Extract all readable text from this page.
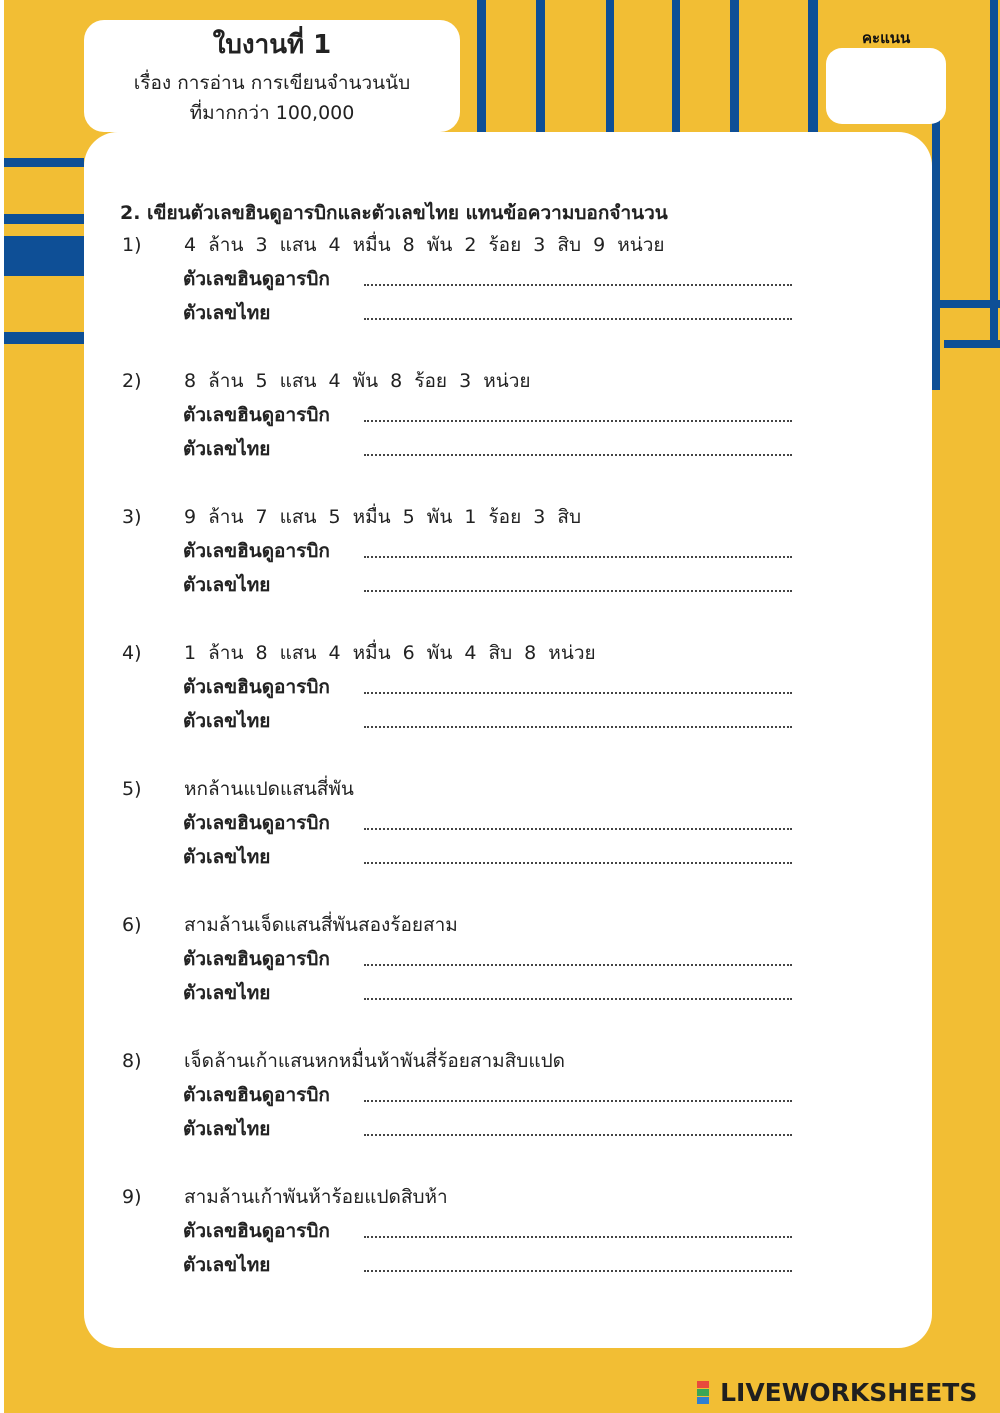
ใบงานที่ 1
เรื่อง การอ่าน การเขียนจำนวนนับ
ที่มากกว่า 100,000
คะแนน
2. เขียนตัวเลขฮินดูอารบิกและตัวเลขไทย แทนข้อความบอกจำนวน
1) 4 ล้าน 3 แสน 4 หมื่น 8 พัน 2 ร้อย 3 สิบ 9 หน่วย
ตัวเลขฮินดูอารบิก
ตัวเลขไทย
2) 8 ล้าน 5 แสน 4 พัน 8 ร้อย 3 หน่วย
ตัวเลขฮินดูอารบิก
ตัวเลขไทย
3) 9 ล้าน 7 แสน 5 หมื่น 5 พัน 1 ร้อย 3 สิบ
ตัวเลขฮินดูอารบิก
ตัวเลขไทย
4) 1 ล้าน 8 แสน 4 หมื่น 6 พัน 4 สิบ 8 หน่วย
ตัวเลขฮินดูอารบิก
ตัวเลขไทย
5) หกล้านแปดแสนสี่พัน
ตัวเลขฮินดูอารบิก
ตัวเลขไทย
6) สามล้านเจ็ดแสนสี่พันสองร้อยสาม
ตัวเลขฮินดูอารบิก
ตัวเลขไทย
8) เจ็ดล้านเก้าแสนหกหมื่นห้าพันสี่ร้อยสามสิบแปด
ตัวเลขฮินดูอารบิก
ตัวเลขไทย
9) สามล้านเก้าพันห้าร้อยแปดสิบห้า
ตัวเลขฮินดูอารบิก
ตัวเลขไทย
LIVEWORKSHEETS
